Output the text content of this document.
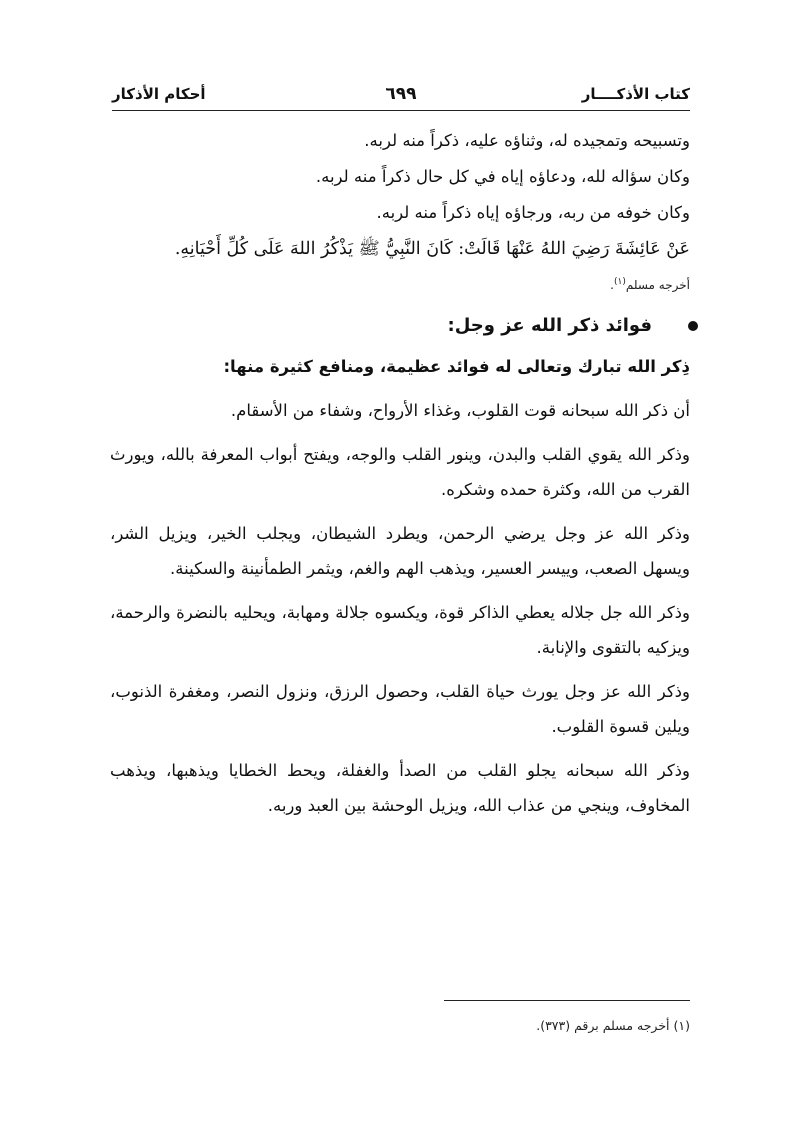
كتاب الأذكــــار
٦٩٩
أحكام الأذكار

وتسبيحه وتمجيده له، وثناؤه عليه، ذكراً منه لربه.

وكان سؤاله لله، ودعاؤه إياه في كل حال ذكراً منه لربه.

وكان خوفه من ربه، ورجاؤه إياه ذكراً منه لربه.

عَنْ عَائِشَةَ رَضِيَ اللهُ عَنْهَا قَالَتْ: كَانَ النَّبِيُّ ﷺ يَذْكُرُ اللهَ عَلَى كُلِّ أَحْيَانِهِ.

أخرجه مسلم$^{(١)}$.

فوائد ذكر الله عز وجل:

ذِكر الله تبارك وتعالى له فوائد عظيمة، ومنافع كثيرة منها:

أن ذكر الله سبحانه قوت القلوب، وغذاء الأرواح، وشفاء من الأسقام.

وذكر الله يقوي القلب والبدن، وينور القلب والوجه، ويفتح أبواب المعرفة بالله، ويورث القرب من الله، وكثرة حمده وشكره.

وذكر الله عز وجل يرضي الرحمن، ويطرد الشيطان، ويجلب الخير، ويزيل الشر، ويسهل الصعب، وييسر العسير، ويذهب الهم والغم، ويثمر الطمأنينة والسكينة.

وذكر الله جل جلاله يعطي الذاكر قوة، ويكسوه جلالة ومهابة، ويحليه بالنضرة والرحمة، ويزكيه بالتقوى والإنابة.

وذكر الله عز وجل يورث حياة القلب، وحصول الرزق، ونزول النصر، ومغفرة الذنوب، ويلين قسوة القلوب.

وذكر الله سبحانه يجلو القلب من الصدأ والغفلة، ويحط الخطايا ويذهبها، ويذهب المخاوف، وينجي من عذاب الله، ويزيل الوحشة بين العبد وربه.

(١) أخرجه مسلم برقم (٣٧٣).
